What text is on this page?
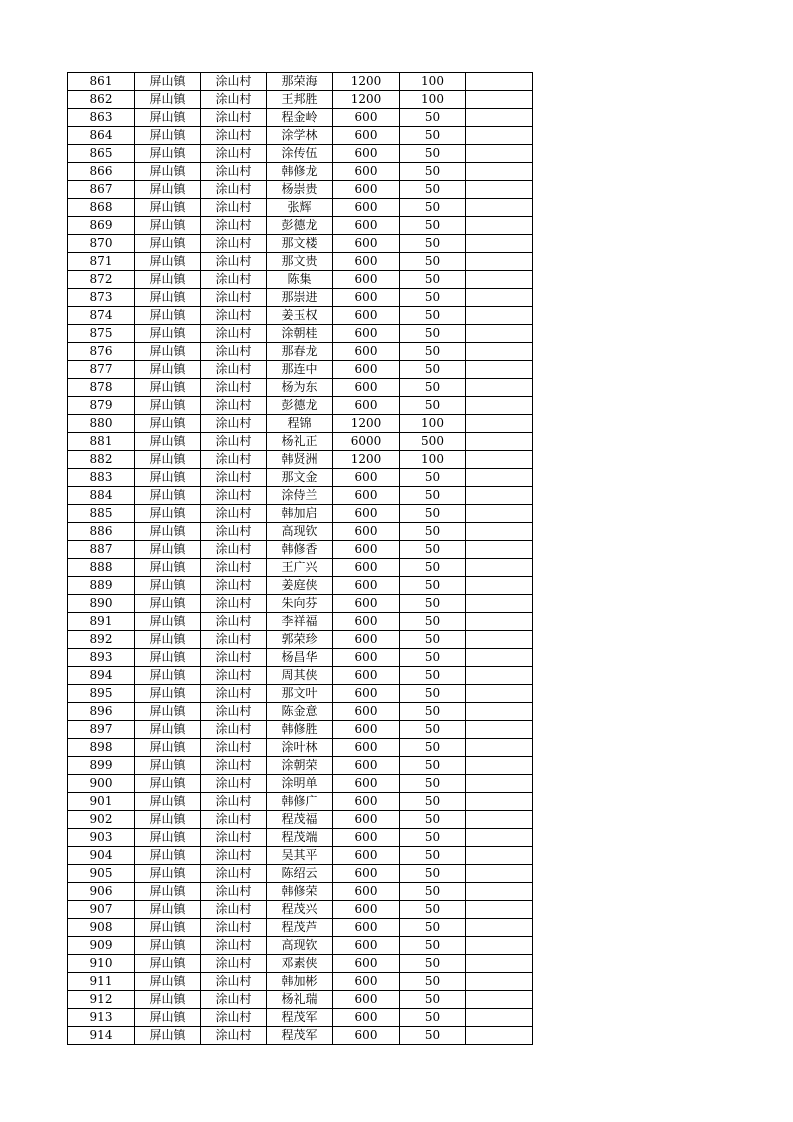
861	屏山镇	涂山村	那荣海	1200	100	
862	屏山镇	涂山村	王邦胜	1200	100	
863	屏山镇	涂山村	程金岭	600	50	
864	屏山镇	涂山村	涂学林	600	50	
865	屏山镇	涂山村	涂传伍	600	50	
866	屏山镇	涂山村	韩修龙	600	50	
867	屏山镇	涂山村	杨崇贵	600	50	
868	屏山镇	涂山村	张辉	600	50	
869	屏山镇	涂山村	彭德龙	600	50	
870	屏山镇	涂山村	那文楼	600	50	
871	屏山镇	涂山村	那文贵	600	50	
872	屏山镇	涂山村	陈集	600	50	
873	屏山镇	涂山村	那崇进	600	50	
874	屏山镇	涂山村	姜玉权	600	50	
875	屏山镇	涂山村	涂朝桂	600	50	
876	屏山镇	涂山村	那春龙	600	50	
877	屏山镇	涂山村	那连中	600	50	
878	屏山镇	涂山村	杨为东	600	50	
879	屏山镇	涂山村	彭德龙	600	50	
880	屏山镇	涂山村	程锦	1200	100	
881	屏山镇	涂山村	杨礼正	6000	500	
882	屏山镇	涂山村	韩贤洲	1200	100	
883	屏山镇	涂山村	那文金	600	50	
884	屏山镇	涂山村	涂侍兰	600	50	
885	屏山镇	涂山村	韩加启	600	50	
886	屏山镇	涂山村	高现钦	600	50	
887	屏山镇	涂山村	韩修香	600	50	
888	屏山镇	涂山村	王广兴	600	50	
889	屏山镇	涂山村	姜庭侠	600	50	
890	屏山镇	涂山村	朱向芬	600	50	
891	屏山镇	涂山村	李祥福	600	50	
892	屏山镇	涂山村	郭荣珍	600	50	
893	屏山镇	涂山村	杨昌华	600	50	
894	屏山镇	涂山村	周其侠	600	50	
895	屏山镇	涂山村	那文叶	600	50	
896	屏山镇	涂山村	陈金意	600	50	
897	屏山镇	涂山村	韩修胜	600	50	
898	屏山镇	涂山村	涂叶林	600	50	
899	屏山镇	涂山村	涂朝荣	600	50	
900	屏山镇	涂山村	涂明单	600	50	
901	屏山镇	涂山村	韩修广	600	50	
902	屏山镇	涂山村	程茂福	600	50	
903	屏山镇	涂山村	程茂端	600	50	
904	屏山镇	涂山村	吴其平	600	50	
905	屏山镇	涂山村	陈绍云	600	50	
906	屏山镇	涂山村	韩修荣	600	50	
907	屏山镇	涂山村	程茂兴	600	50	
908	屏山镇	涂山村	程茂芦	600	50	
909	屏山镇	涂山村	高现钦	600	50	
910	屏山镇	涂山村	邓素侠	600	50	
911	屏山镇	涂山村	韩加彬	600	50	
912	屏山镇	涂山村	杨礼瑞	600	50	
913	屏山镇	涂山村	程茂军	600	50	
914	屏山镇	涂山村	程茂军	600	50	
